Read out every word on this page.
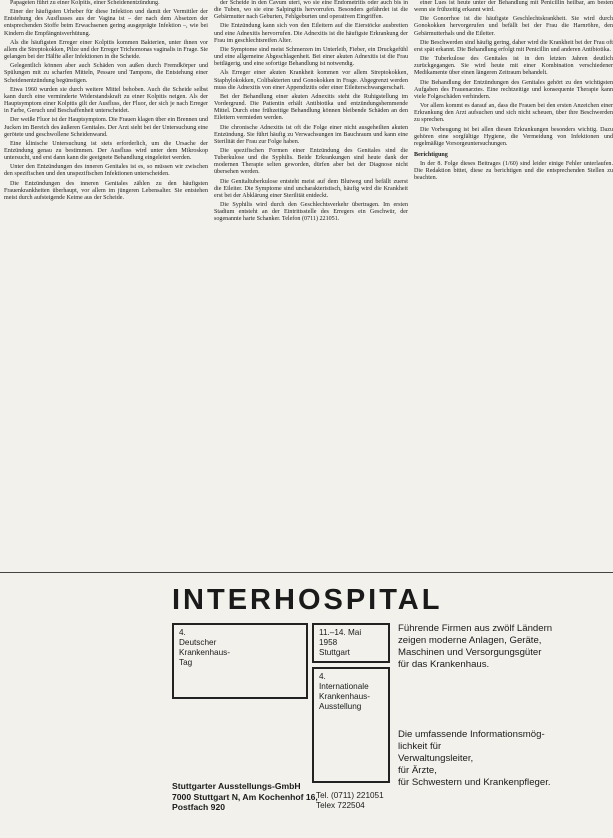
Papageien führt zu einer Kolpitis, einer Scheidenentzündung.

Einer der häufigsten Urheber für diese Infektion und damit der Vermittler der Entstehung des Ausflusses aus der Vagina ist – der nach dem Absetzen der entsprechenden Stoffe beim Erwachsenen gering ausgeprägte Infektion –, wie bei Kindern die Empfängnisverhütung.

Als die häufigsten Erreger einer Kolpitis kommen Bakterien, unter ihnen vor allem die Streptokokken, Pilze und der Erreger Trichomonas vaginalis in Frage. Sie gelangen bei der Hälfte aller Infektionen in die Scheide.

Gelegentlich können aber auch Schäden von außen durch Fremdkörper und Spülungen mit zu scharfen Mitteln, Pessare und Tampons, die Entstehung einer Scheidenentzündung begünstigen.

Etwa 1960 wurden sie durch weitere Mittel behoben. Auch die Scheide selbst kann durch eine verminderte Widerstandskraft zu einer Kolpitis neigen. Als der Hauptsymptom einer Kolpitis gilt der Ausfluss, der Fluor, der sich je nach Erreger in Farbe, Geruch und Beschaffenheit unterscheidet.

Der weiße Fluor ist der Hauptsymptom. Die Frauen klagen über ein Brennen und Jucken im Bereich des äußeren Genitales. Der Arzt sieht bei der Untersuchung eine gerötete und geschwollene Scheidenwand.

Eine klinische Untersuchung ist stets erforderlich, um die Ursache der Entzündung genau zu bestimmen. Der Ausfluss wird unter dem Mikroskop untersucht, und erst dann kann die geeignete Behandlung eingeleitet werden.

Unter den Entzündungen des inneren Genitales ist es, so müssen wir zwischen den spezifischen und den unspezifischen Infektionen unterscheiden.

Die Entzündungen des inneren Genitales zählen zu den häufigsten Frauenkrankheiten überhaupt, vor allem im jüngeren Lebensalter. Sie entstehen meist durch aufsteigende Keime aus der Scheide.

der Scheide in den Cavum uteri, wo sie eine Endometritis oder auch bis in die Tuben, wo sie eine Salpingitis hervorrufen. Besonders gefährdet ist die Gebärmutter nach Geburten, Fehlgeburten und operativen Eingriffen.

Die Entzündung kann sich von den Eileitern auf die Eierstöcke ausbreiten und eine Adnexitis hervorrufen. Die Adnexitis ist die häufigste Erkrankung der Frau im geschlechtsreifen Alter.

Die Symptome sind meist Schmerzen im Unterleib, Fieber, ein Druckgefühl und eine allgemeine Abgeschlagenheit. Bei einer akuten Adnexitis ist die Frau bettlägerig, und eine sofortige Behandlung ist notwendig.

Als Erreger einer akuten Krankheit kommen vor allem Streptokokken, Staphylokokken, Colibakterien und Gonokokken in Frage. Abgegrenzt werden muss die Adnexitis von einer Appendizitis oder einer Eileiterschwangerschaft.

Bei der Behandlung einer akuten Adnexitis steht die Ruhigstellung im Vordergrund. Die Patientin erhält Antibiotika und entzündungshemmende Mittel. Durch eine frühzeitige Behandlung können bleibende Schäden an den Eileitern vermieden werden.

Die chronische Adnexitis ist oft die Folge einer nicht ausgeheilten akuten Entzündung. Sie führt häufig zu Verwachsungen im Bauchraum und kann eine Sterilität der Frau zur Folge haben.

Die spezifischen Formen einer Entzündung des Genitales sind die Tuberkulose und die Syphilis. Beide Erkrankungen sind heute dank der modernen Therapie selten geworden, dürfen aber bei der Diagnose nicht übersehen werden.

Die Genitaltuberkulose entsteht meist auf dem Blutweg und befällt zuerst die Eileiter. Die Symptome sind uncharakteristisch, häufig wird die Krankheit erst bei der Abklärung einer Sterilität entdeckt.

Die Syphilis wird durch den Geschlechtsverkehr übertragen. Im ersten Stadium entsteht an der Eintrittsstelle des Erregers ein Geschwür, der sogenannte harte Schanker. Telefon (0711) 221051.

einer Lues ist heute unter der Behandlung mit Penicillin heilbar, am besten wenn sie frühzeitig erkannt wird.

Die Gonorrhoe ist die häufigste Geschlechtskrankheit. Sie wird durch Gonokokken hervorgerufen und befällt bei der Frau die Harnröhre, den Gebärmutterhals und die Eileiter.

Die Beschwerden sind häufig gering, daher wird die Krankheit bei der Frau oft erst spät erkannt. Die Behandlung erfolgt mit Penicillin und anderen Antibiotika.

Die Tuberkulose des Genitales ist in den letzten Jahren deutlich zurückgegangen. Sie wird heute mit einer Kombination verschiedener Medikamente über einen längeren Zeitraum behandelt.

Die Behandlung der Entzündungen des Genitales gehört zu den wichtigsten Aufgaben des Frauenarztes. Eine rechtzeitige und konsequente Therapie kann viele Folgeschäden verhindern.

Vor allem kommt es darauf an, dass die Frauen bei den ersten Anzeichen einer Erkrankung den Arzt aufsuchen und sich nicht scheuen, über ihre Beschwerden zu sprechen.

Die Vorbeugung ist bei allen diesen Erkrankungen besonders wichtig. Dazu gehören eine sorgfältige Hygiene, die Vermeidung von Infektionen und regelmäßige Vorsorgeuntersuchungen.

Berichtigung

In der 8. Folge dieses Beitrages (1/60) sind leider einige Fehler unterlaufen. Die Redaktion bittet, diese zu berichtigen und die entsprechenden Stellen zu beachten.

INTERHOSPITAL
4.
Deutscher
Krankenhaus-
Tag
11.–14. Mai
1958
Stuttgart
4.
Internationale
Krankenhaus-
Ausstellung
Führende Firmen aus zwölf Ländern
zeigen moderne Anlagen, Geräte,
Maschinen und Versorgungsgüter
für das Krankenhaus.
Die umfassende Informationsmög-
lichkeit für
Verwaltungsleiter,
für Ärzte,
für Schwestern und Krankenpfleger.
Stuttgarter Ausstellungs-GmbH
7000 Stuttgart N, Am Kochenhof 16,
Postfach 920
Tel. (0711) 221051
Telex 722504
